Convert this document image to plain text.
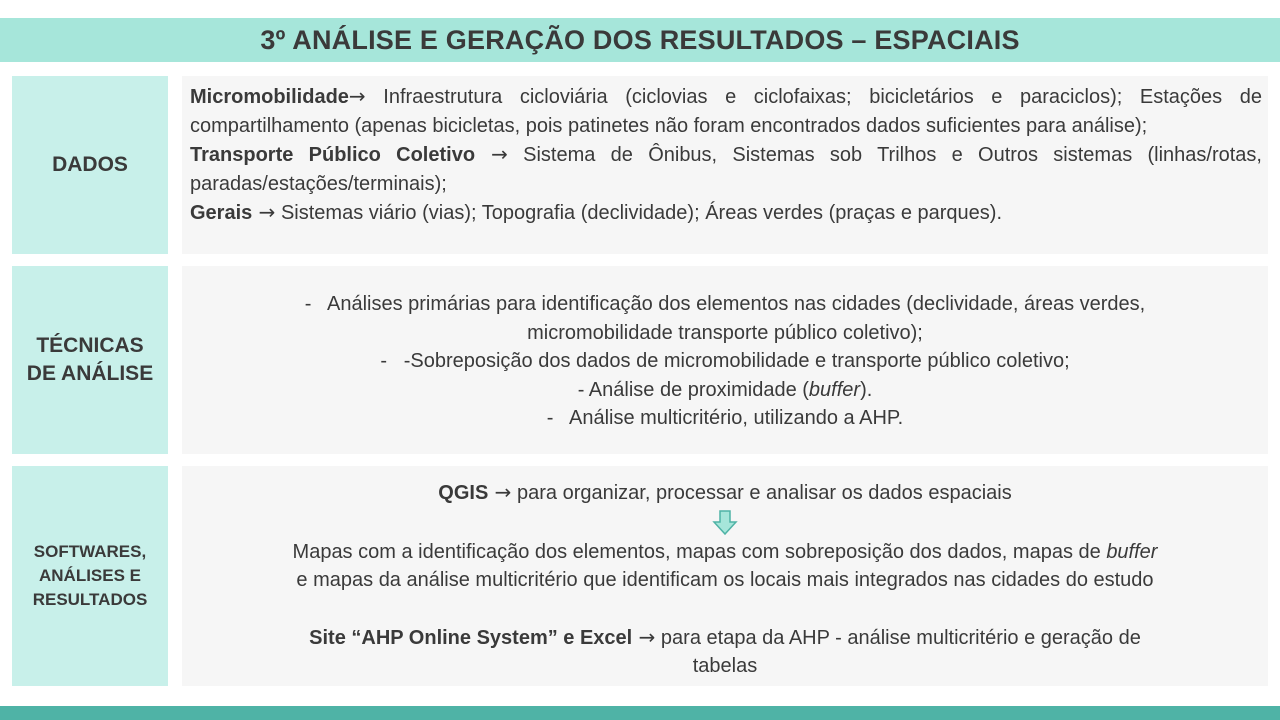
3º ANÁLISE E GERAÇÃO DOS RESULTADOS – ESPACIAIS
DADOS
Micromobilidade→ Infraestrutura cicloviária (ciclovias e ciclofaixas; bicicletários e paraciclos); Estações de compartilhamento (apenas bicicletas, pois patinetes não foram encontrados dados suficientes para análise);
Transporte Público Coletivo → Sistema de Ônibus, Sistemas sob Trilhos e Outros sistemas (linhas/rotas, paradas/estações/terminais);
Gerais → Sistemas viário (vias); Topografia (declividade); Áreas verdes (praças e parques).
TÉCNICAS
DE ANÁLISE
-   Análises primárias para identificação dos elementos nas cidades (declividade, áreas verdes,
micromobilidade transporte público coletivo);
-   -Sobreposição dos dados de micromobilidade e transporte público coletivo;
- Análise de proximidade (buffer).
-   Análise multicritério, utilizando a AHP.
SOFTWARES,
ANÁLISES E
RESULTADOS
QGIS → para organizar, processar e analisar os dados espaciais
Mapas com a identificação dos elementos, mapas com sobreposição dos dados, mapas de buffer
e mapas da análise multicritério que identificam os locais mais integrados nas cidades do estudo
Site “AHP Online System” e Excel → para etapa da AHP - análise multicritério e geração de
tabelas
